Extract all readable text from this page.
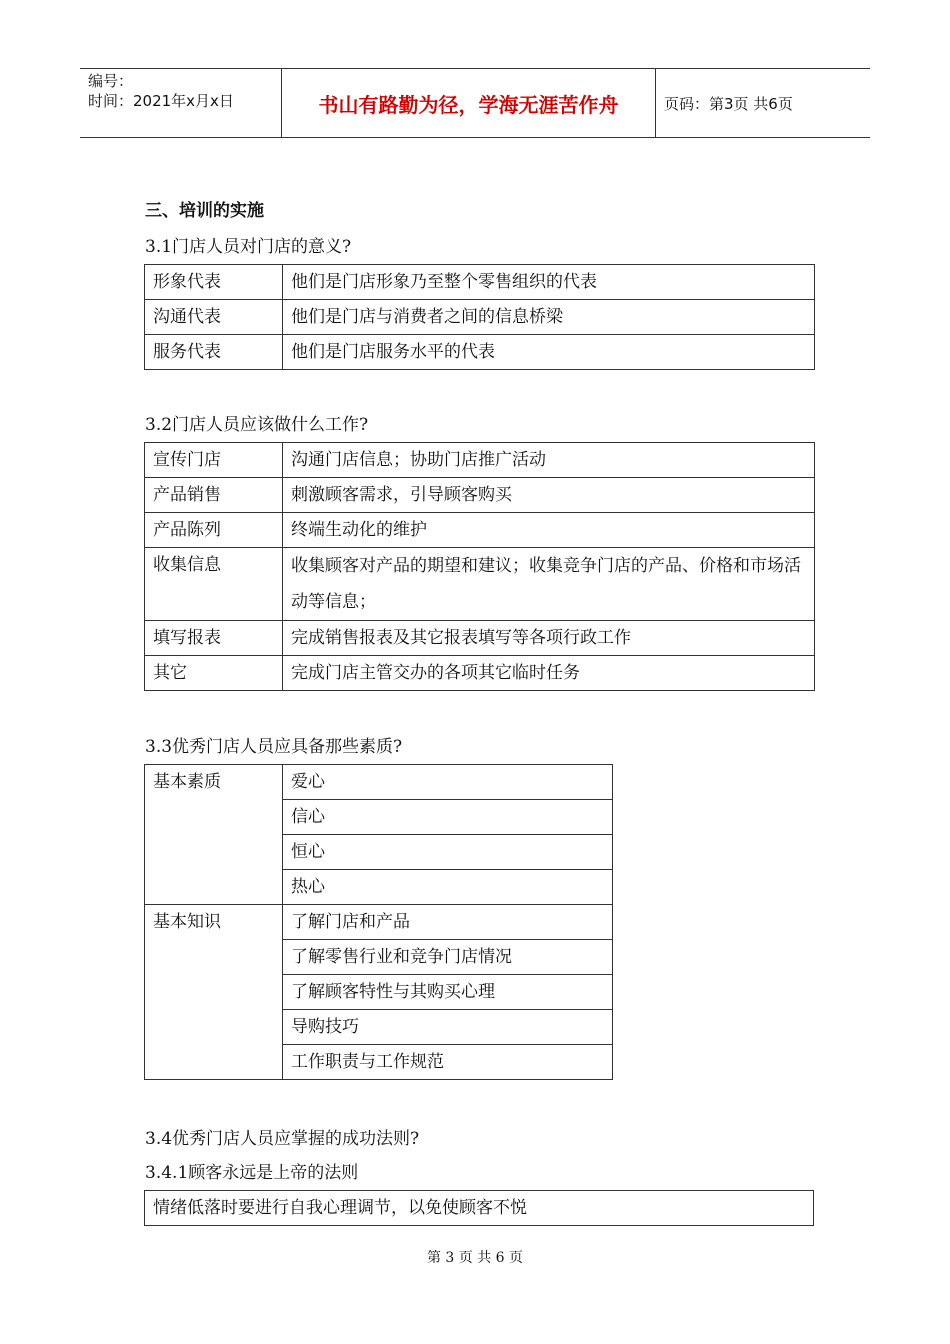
编号：
时间：2021年x月x日	书山有路勤为径，学海无涯苦作舟	页码：第3页 共6页
三、培训的实施
3.1门店人员对门店的意义?
形象代表	他们是门店形象乃至整个零售组织的代表
沟通代表	他们是门店与消费者之间的信息桥梁
服务代表	他们是门店服务水平的代表
3.2门店人员应该做什么工作?
宣传门店	沟通门店信息；协助门店推广活动
产品销售	刺激顾客需求，引导顾客购买
产品陈列	终端生动化的维护
收集信息	收集顾客对产品的期望和建议；收集竞争门店的产品、价格和市场活动等信息；
填写报表	完成销售报表及其它报表填写等各项行政工作
其它	完成门店主管交办的各项其它临时任务
3.3优秀门店人员应具备那些素质?
基本素质	爱心
	信心
	恒心
	热心
基本知识	了解门店和产品
	了解零售行业和竞争门店情况
	了解顾客特性与其购买心理
	导购技巧
	工作职责与工作规范
3.4优秀门店人员应掌握的成功法则?
3.4.1顾客永远是上帝的法则
情绪低落时要进行自我心理调节，以免使顾客不悦
第 3 页 共 6 页
